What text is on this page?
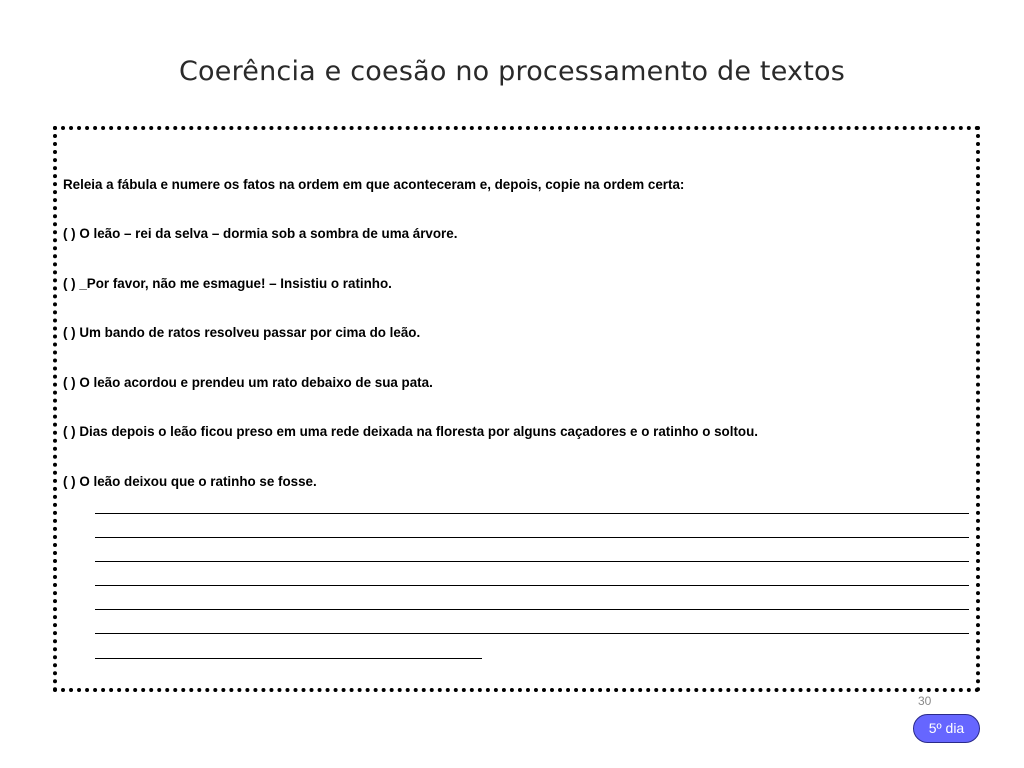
Coerência e coesão no processamento de textos
Releia a fábula e numere os fatos na ordem em que aconteceram e, depois, copie na ordem certa:
( ) O leão – rei da selva – dormia sob a sombra de uma árvore.
( ) _Por favor, não me esmague! – Insistiu o ratinho.
( ) Um bando de ratos resolveu passar por cima do leão.
( ) O leão acordou e prendeu um rato debaixo de sua pata.
( ) Dias depois o leão ficou preso em uma rede deixada na floresta por alguns caçadores e o ratinho o soltou.
( ) O leão deixou que o ratinho se fosse.
30
5º dia
